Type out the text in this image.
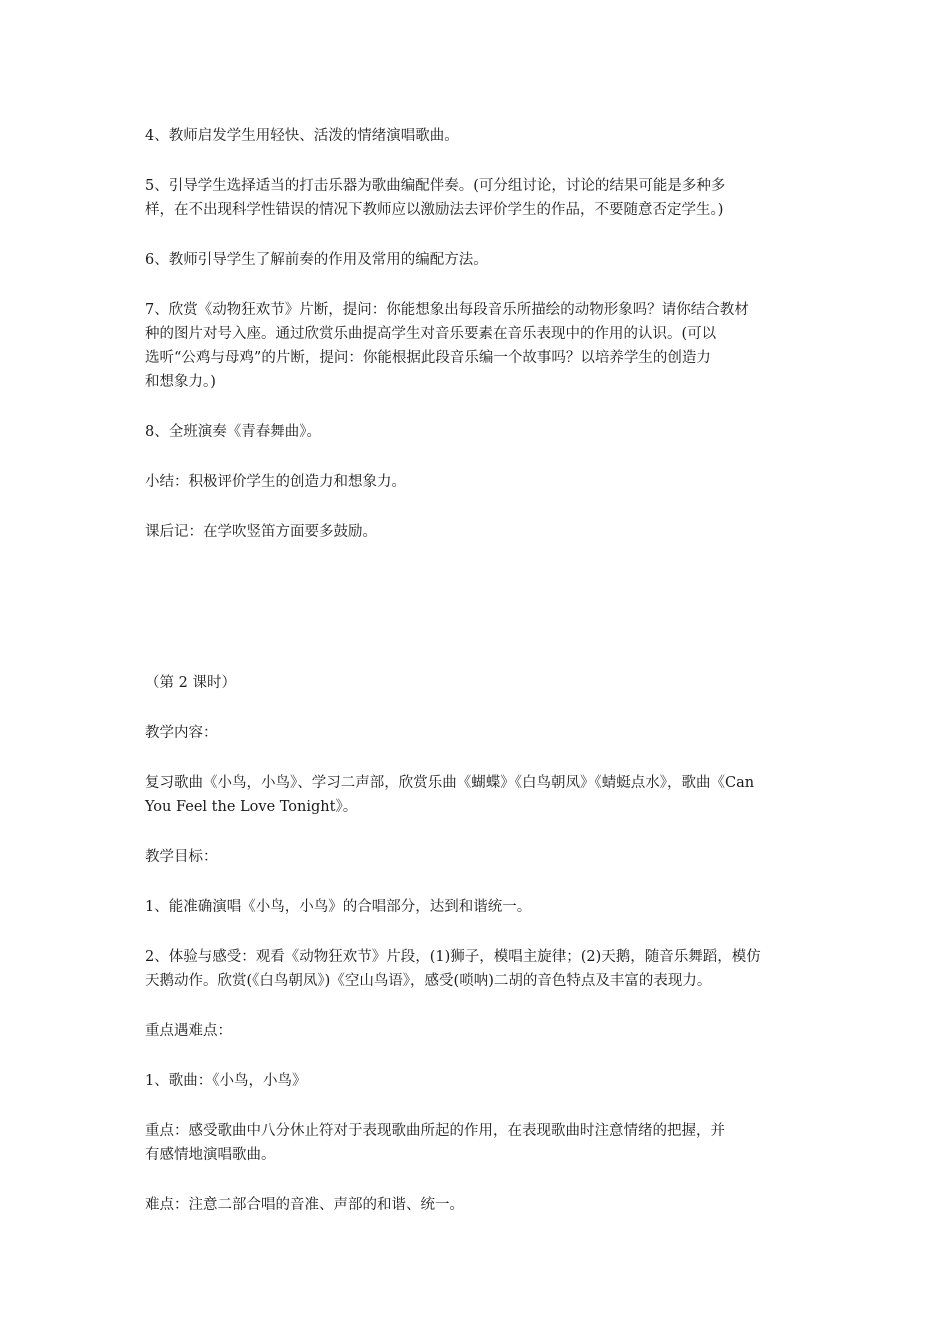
4、教师启发学生用轻快、活泼的情绪演唱歌曲。
5、引导学生选择适当的打击乐器为歌曲编配伴奏。(可分组讨论，讨论的结果可能是多种多
样，在不出现科学性错误的情况下教师应以激励法去评价学生的作品，不要随意否定学生。)
6、教师引导学生了解前奏的作用及常用的编配方法。
7、欣赏《动物狂欢节》片断，提问：你能想象出每段音乐所描绘的动物形象吗？请你结合教材
种的图片对号入座。通过欣赏乐曲提高学生对音乐要素在音乐表现中的作用的认识。(可以
选听“公鸡与母鸡”的片断，提问：你能根据此段音乐编一个故事吗？以培养学生的创造力
和想象力。)
8、全班演奏《青春舞曲》。
小结：积极评价学生的创造力和想象力。
课后记：在学吹竖笛方面要多鼓励。
（第 2 课时）
教学内容：
复习歌曲《小鸟，小鸟》、学习二声部，欣赏乐曲《蝴蝶》《白鸟朝凤》《蜻蜓点水》，歌曲《Can
You Feel the Love Tonight》。
教学目标：
1、能准确演唱《小鸟，小鸟》的合唱部分，达到和谐统一。
2、体验与感受：观看《动物狂欢节》片段，(1)狮子，模唱主旋律；(2)天鹅，随音乐舞蹈，模仿
天鹅动作。欣赏(《白鸟朝凤》)《空山鸟语》，感受(唢呐)二胡的音色特点及丰富的表现力。
重点遇难点：
1、歌曲：《小鸟，小鸟》
重点：感受歌曲中八分休止符对于表现歌曲所起的作用，在表现歌曲时注意情绪的把握，并
有感情地演唱歌曲。
难点：注意二部合唱的音准、声部的和谐、统一。
